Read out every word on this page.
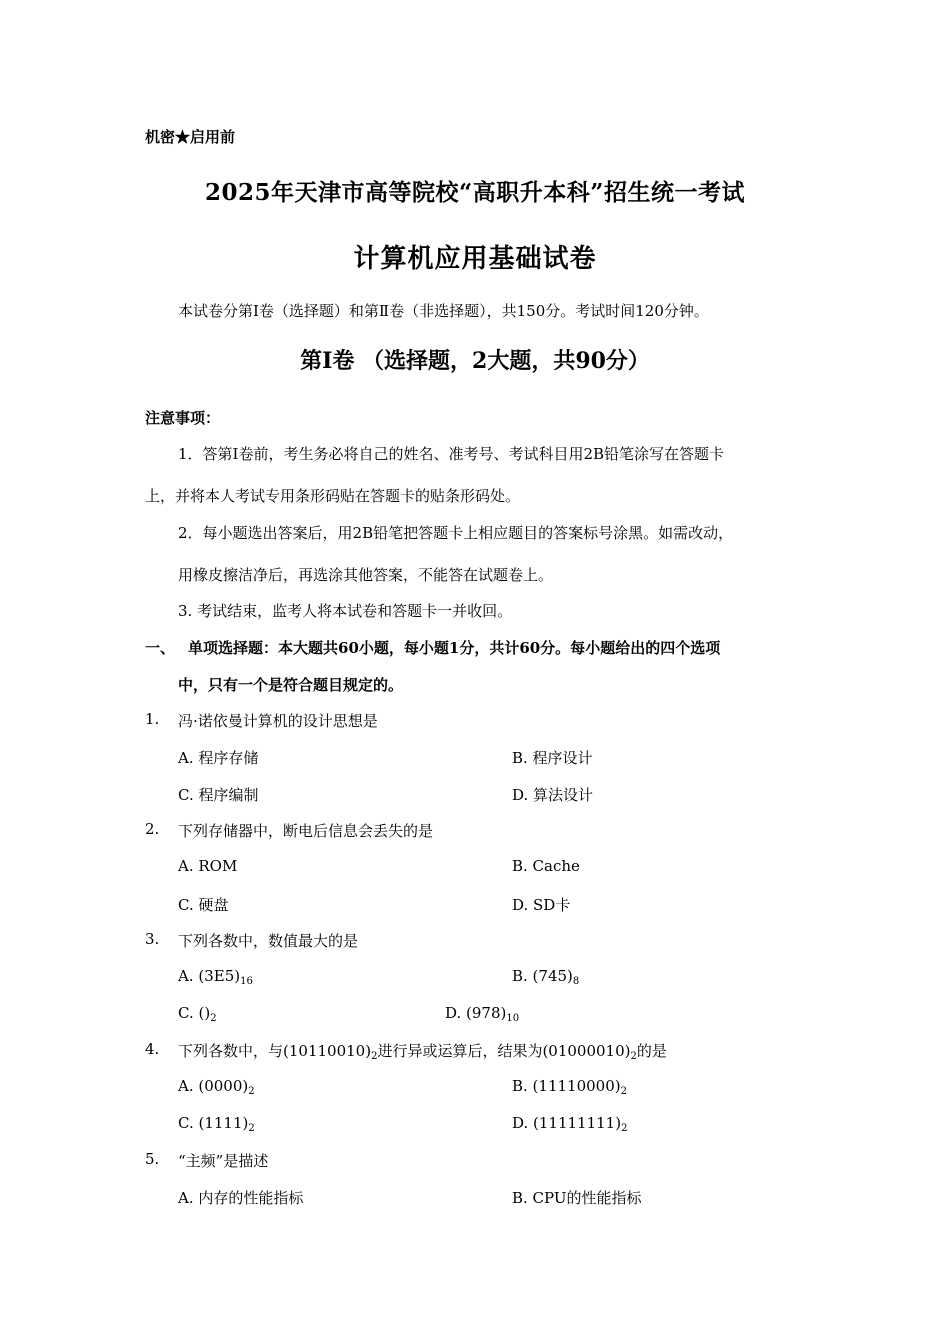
机密★启用前
2025年天津市高等院校“高职升本科”招生统一考试
计算机应用基础试卷
本试卷分第Ⅰ卷（选择题）和第Ⅱ卷（非选择题），共150分。考试时间120分钟。
第Ⅰ卷 （选择题，2大题，共90分）
注意事项：
1．答第Ⅰ卷前，考生务必将自己的姓名、准考号、考试科目用2B铅笔涂写在答题卡
上，并将本人考试专用条形码贴在答题卡的贴条形码处。
2．每小题选出答案后，用2B铅笔把答题卡上相应题目的答案标号涂黑。如需改动，
用橡皮擦洁净后，再选涂其他答案，不能答在试题卷上。
3. 考试结束，监考人将本试卷和答题卡一并收回。
一、 单项选择题：本大题共60小题，每小题1分，共计60分。每小题给出的四个选项
中，只有一个是符合题目规定的。
1. 冯·诺依曼计算机的设计思想是
A. 程序存储	B. 程序设计
C. 程序编制	D. 算法设计
2. 下列存储器中，断电后信息会丢失的是
A. ROM	B. Cache
C. 硬盘	D. SD卡
3. 下列各数中，数值最大的是
A. $(3E5)_{16}$	B. $(745)_8$
C. $()_2$	D. $(978)_{10}$
4. 下列各数中，与$(10110010)_2$进行异或运算后，结果为$(01000010)_2$的是
A. $(0000)_2$	B. $(11110000)_2$
C. $(1111)_2$	D. $(11111111)_2$
5. “主频”是描述
A. 内存的性能指标	B. CPU的性能指标
